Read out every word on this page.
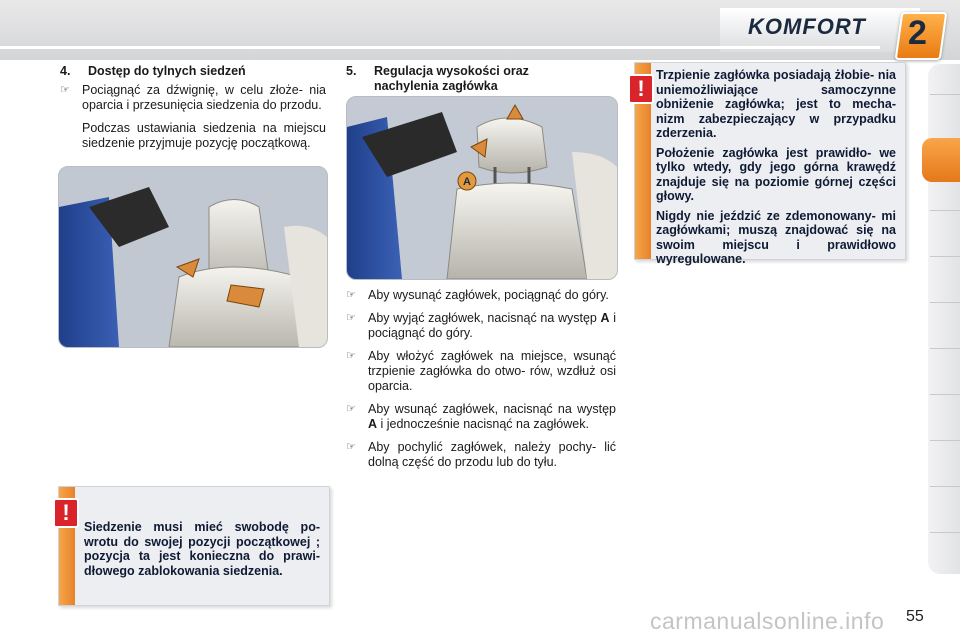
KOMFORT 2
4. Dostęp do tylnych siedzeń
☞ Pociągnąć za dźwignię, w celu złoże- nia oparcia i przesunięcia siedzenia do przodu.
Podczas ustawiania siedzenia na miejscu siedzenie przyjmuje pozycję początkową.
!
Siedzenie musi mieć swobodę po- wrotu do swojej pozycji początkowej ; pozycja ta jest konieczna do prawi- dłowego zablokowania siedzenia.
5. Regulacja wysokości oraz
nachylenia zagłówka
A
☞ Aby wysunąć zagłówek, pociągnąć do góry.
☞ Aby wyjąć zagłówek, nacisnąć na występ A i pociągnąć do góry.
☞ Aby włożyć zagłówek na miejsce, wsunąć trzpienie zagłówka do otwo- rów, wzdłuż osi oparcia.
☞ Aby wsunąć zagłówek, nacisnąć na występ A i jednocześnie nacisnąć na zagłówek.
☞ Aby pochylić zagłówek, należy pochy- lić dolną część do przodu lub do tyłu.
!
Trzpienie zagłówka posiadają żłobie- nia uniemożliwiające samoczynne obniżenie zagłówka; jest to mecha- nizm zabezpieczający w przypadku zderzenia.
Położenie zagłówka jest prawidło- we tylko wtedy, gdy jego górna krawędź znajduje się na poziomie górnej części głowy.
Nigdy nie jeździć ze zdemonowany- mi zagłówkami; muszą znajdować się na swoim miejscu i prawidłowo wyregulowane.
carmanualsonline.info 55
